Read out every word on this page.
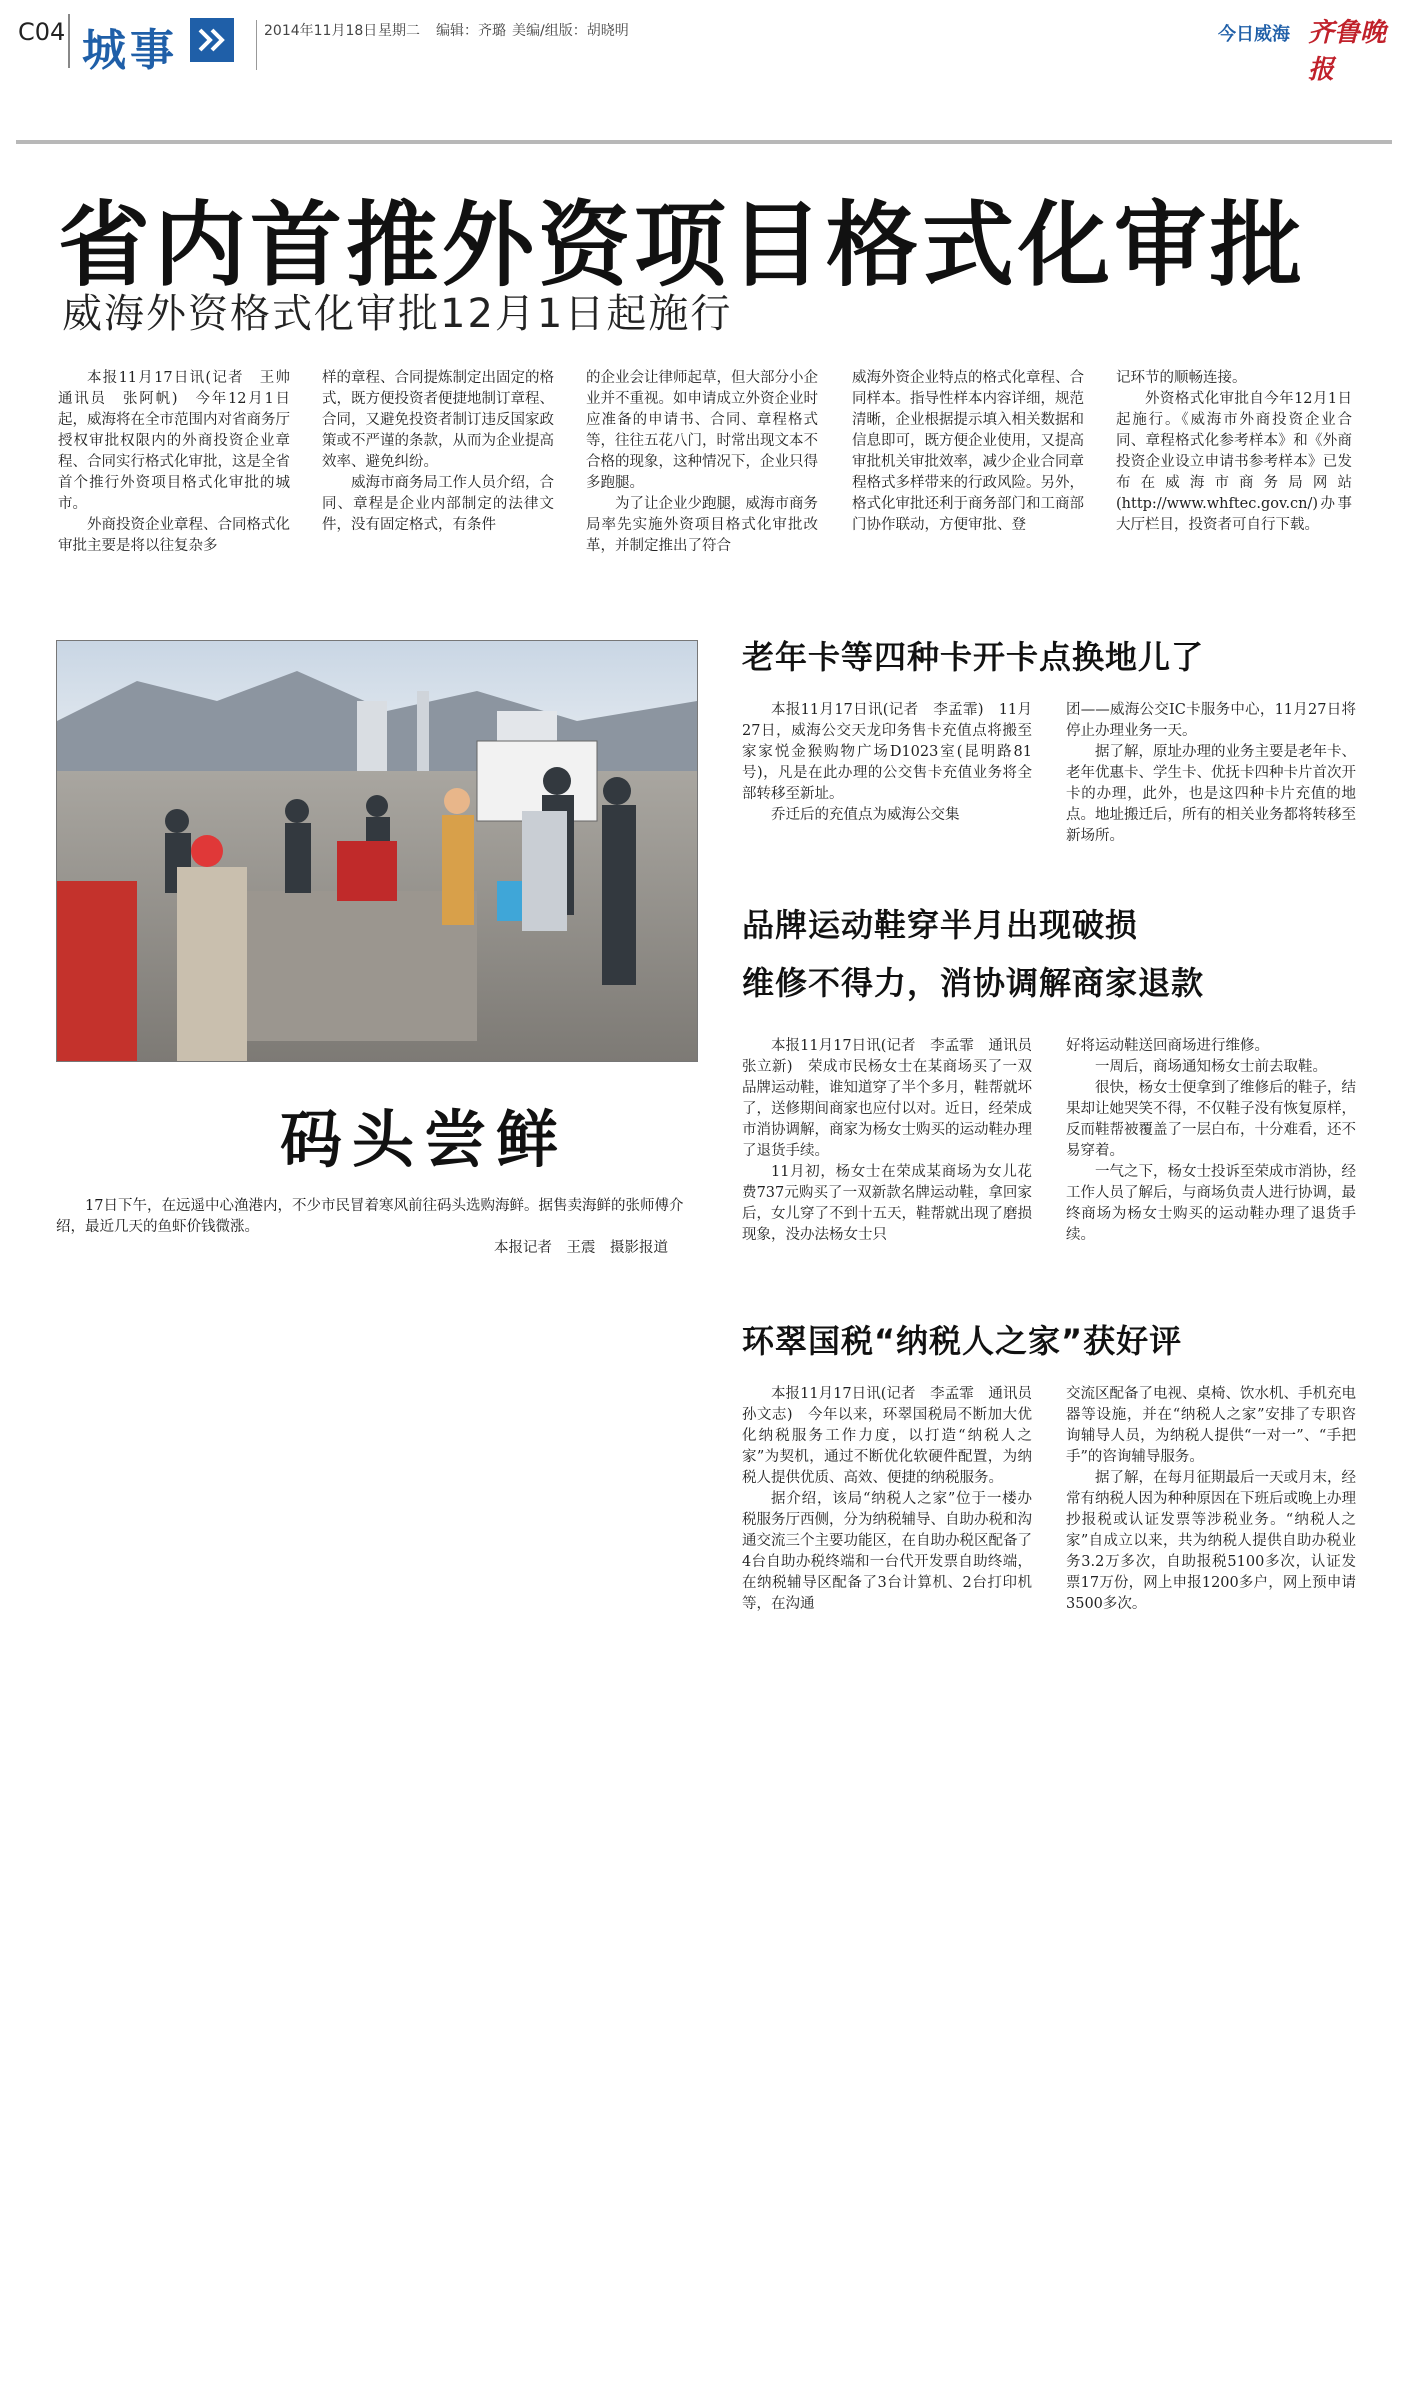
C04 城事	2014年11月18日 星期二 编辑：齐璐 美编/组版：胡晓明	今日威海 齐鲁晚报
省内首推外资项目格式化审批
威海外资格式化审批12月1日起施行

本报11月17日讯(记者　王帅　通讯员　张阿帆)　今年12月1日起，威海将在全市范围内对省商务厅授权审批权限内的外商投资企业章程、合同实行格式化审批，这是全省首个推行外资项目格式化审批的城市。

外商投资企业章程、合同格式化审批主要是将以往复杂多

样的章程、合同提炼制定出固定的格式，既方便投资者便捷地制订章程、合同，又避免投资者制订违反国家政策或不严谨的条款，从而为企业提高效率、避免纠纷。

威海市商务局工作人员介绍，合同、章程是企业内部制定的法律文件，没有固定格式，有条件

的企业会让律师起草，但大部分小企业并不重视。如申请成立外资企业时应准备的申请书、合同、章程格式等，往往五花八门，时常出现文本不合格的现象，这种情况下，企业只得多跑腿。

为了让企业少跑腿，威海市商务局率先实施外资项目格式化审批改革，并制定推出了符合

威海外资企业特点的格式化章程、合同样本。指导性样本内容详细，规范清晰，企业根据提示填入相关数据和信息即可，既方便企业使用，又提高审批机关审批效率，减少企业合同章程格式多样带来的行政风险。另外，格式化审批还利于商务部门和工商部门协作联动，方便审批、登

记环节的顺畅连接。

外资格式化审批自今年12月1日起施行。《威海市外商投资企业合同、章程格式化参考样本》和《外商投资企业设立申请书参考样本》已发布在威海市商务局网站(http://www.whftec.gov.cn/)办事大厅栏目，投资者可自行下载。

码头尝鲜
17日下午，在远遥中心渔港内，不少市民冒着寒风前往码头选购海鲜。据售卖海鲜的张师傅介绍，最近几天的鱼虾价钱微涨。
本报记者　王震　摄影报道
老年卡等四种卡开卡点换地儿了

本报11月17日讯(记者　李孟霏)　11月27日，威海公交天龙印务售卡充值点将搬至家家悦金猴购物广场D1023室(昆明路81号)，凡是在此办理的公交售卡充值业务将全部转移至新址。

乔迁后的充值点为威海公交集

团——威海公交IC卡服务中心，11月27日将停止办理业务一天。

据了解，原址办理的业务主要是老年卡、老年优惠卡、学生卡、优抚卡四种卡片首次开卡的办理，此外，也是这四种卡片充值的地点。地址搬迁后，所有的相关业务都将转移至新场所。

品牌运动鞋穿半月出现破损
维修不得力，消协调解商家退款

本报11月17日讯(记者　李孟霏　通讯员　张立新)　荣成市民杨女士在某商场买了一双品牌运动鞋，谁知道穿了半个多月，鞋帮就坏了，送修期间商家也应付以对。近日，经荣成市消协调解，商家为杨女士购买的运动鞋办理了退货手续。

11月初，杨女士在荣成某商场为女儿花费737元购买了一双新款名牌运动鞋，拿回家后，女儿穿了不到十五天，鞋帮就出现了磨损现象，没办法杨女士只

好将运动鞋送回商场进行维修。

一周后，商场通知杨女士前去取鞋。

很快，杨女士便拿到了维修后的鞋子，结果却让她哭笑不得，不仅鞋子没有恢复原样，反而鞋帮被覆盖了一层白布，十分难看，还不易穿着。

一气之下，杨女士投诉至荣成市消协，经工作人员了解后，与商场负责人进行协调，最终商场为杨女士购买的运动鞋办理了退货手续。

环翠国税“纳税人之家”获好评

本报11月17日讯(记者　李孟霏　通讯员　孙文志)　今年以来，环翠国税局不断加大优化纳税服务工作力度，以打造“纳税人之家”为契机，通过不断优化软硬件配置，为纳税人提供优质、高效、便捷的纳税服务。

据介绍，该局“纳税人之家”位于一楼办税服务厅西侧，分为纳税辅导、自助办税和沟通交流三个主要功能区，在自助办税区配备了4台自助办税终端和一台代开发票自助终端，在纳税辅导区配备了3台计算机、2台打印机等，在沟通

交流区配备了电视、桌椅、饮水机、手机充电器等设施，并在“纳税人之家”安排了专职咨询辅导人员，为纳税人提供“一对一”、“手把手”的咨询辅导服务。

据了解，在每月征期最后一天或月末，经常有纳税人因为种种原因在下班后或晚上办理抄报税或认证发票等涉税业务。“纳税人之家”自成立以来，共为纳税人提供自助办税业务3.2万多次，自助报税5100多次，认证发票17万份，网上申报1200多户，网上预申请3500多次。
